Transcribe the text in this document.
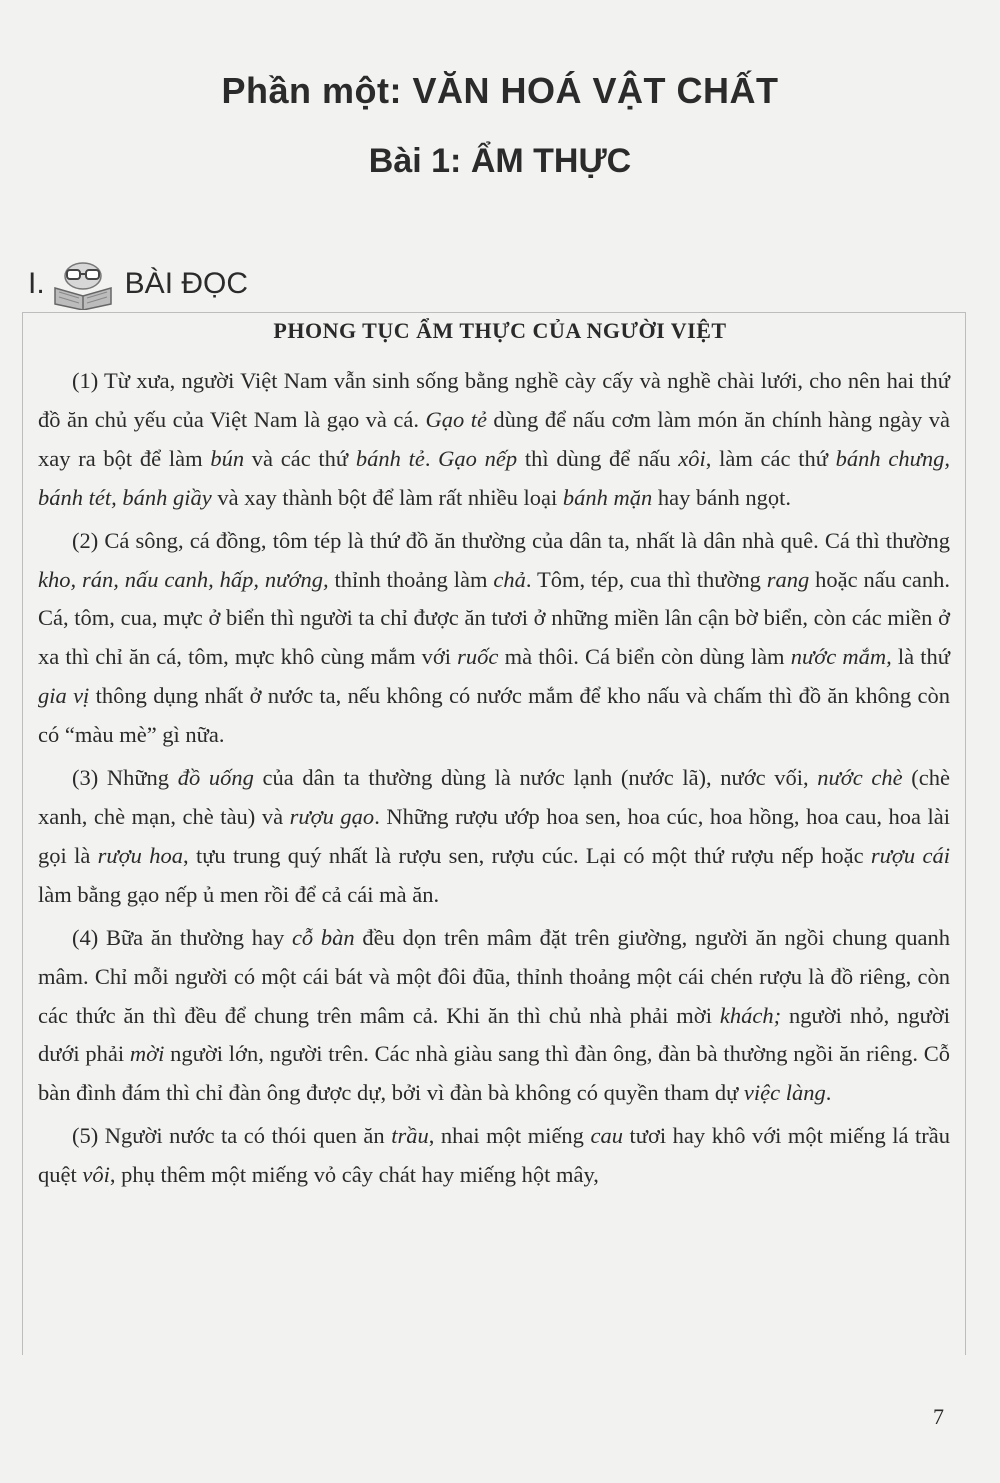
Phần một: VĂN HOÁ VẬT CHẤT
Bài 1: ẨM THỰC
I.	BÀI ĐỌC
PHONG TỤC ẨM THỰC CỦA NGƯỜI VIỆT

(1) Từ xưa, người Việt Nam vẫn sinh sống bằng nghề cày cấy và nghề chài lưới, cho nên hai thứ đồ ăn chủ yếu của Việt Nam là gạo và cá. Gạo tẻ dùng để nấu cơm làm món ăn chính hàng ngày và xay ra bột để làm bún và các thứ bánh tẻ. Gạo nếp thì dùng để nấu xôi, làm các thứ bánh chưng, bánh tét, bánh giầy và xay thành bột để làm rất nhiều loại bánh mặn hay bánh ngọt.

(2) Cá sông, cá đồng, tôm tép là thứ đồ ăn thường của dân ta, nhất là dân nhà quê. Cá thì thường kho, rán, nấu canh, hấp, nướng, thỉnh thoảng làm chả. Tôm, tép, cua thì thường rang hoặc nấu canh. Cá, tôm, cua, mực ở biển thì người ta chỉ được ăn tươi ở những miền lân cận bờ biển, còn các miền ở xa thì chỉ ăn cá, tôm, mực khô cùng mắm với ruốc mà thôi. Cá biển còn dùng làm nước mắm, là thứ gia vị thông dụng nhất ở nước ta, nếu không có nước mắm để kho nấu và chấm thì đồ ăn không còn có “màu mè” gì nữa.

(3) Những đồ uống của dân ta thường dùng là nước lạnh (nước lã), nước vối, nước chè (chè xanh, chè mạn, chè tàu) và rượu gạo. Những rượu ướp hoa sen, hoa cúc, hoa hồng, hoa cau, hoa lài gọi là rượu hoa, tựu trung quý nhất là rượu sen, rượu cúc. Lại có một thứ rượu nếp hoặc rượu cái làm bằng gạo nếp ủ men rồi để cả cái mà ăn.

(4) Bữa ăn thường hay cỗ bàn đều dọn trên mâm đặt trên giường, người ăn ngồi chung quanh mâm. Chỉ mỗi người có một cái bát và một đôi đũa, thỉnh thoảng một cái chén rượu là đồ riêng, còn các thức ăn thì đều để chung trên mâm cả. Khi ăn thì chủ nhà phải mời khách; người nhỏ, người dưới phải mời người lớn, người trên. Các nhà giàu sang thì đàn ông, đàn bà thường ngồi ăn riêng. Cỗ bàn đình đám thì chỉ đàn ông được dự, bởi vì đàn bà không có quyền tham dự việc làng.

(5) Người nước ta có thói quen ăn trầu, nhai một miếng cau tươi hay khô với một miếng lá trầu quệt vôi, phụ thêm một miếng vỏ cây chát hay miếng hột mây,

7
